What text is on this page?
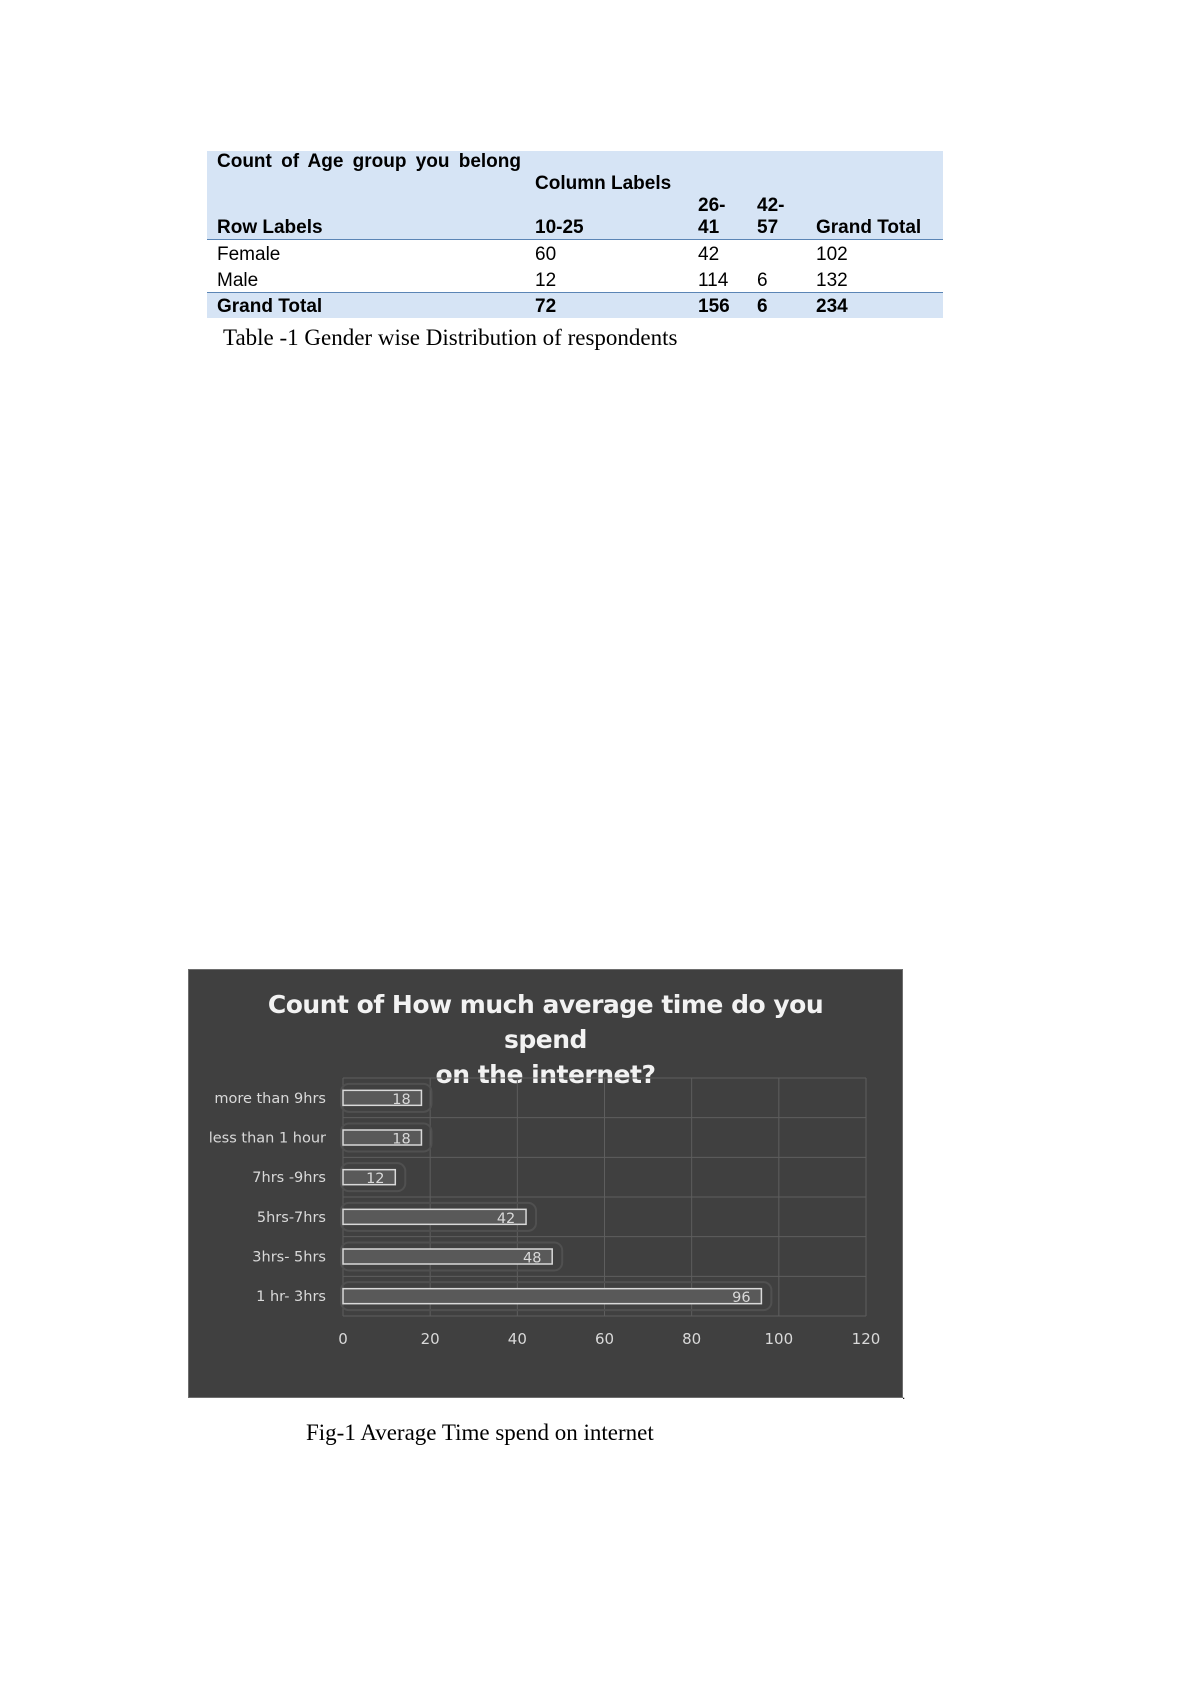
Count of Age group you belong	Column Labels			
Row Labels	10-25	26- 41	42- 57	Grand Total
Female	60	42		102
Male	12	114	6	132
Grand Total	72	156	6	234
Table -1 Gender wise Distribution of respondents
Count of How much average time do you spend
on the internet?
0	20	40	60	80	100	120
more than 9hrs	18
less than 1 hour	18
7hrs -9hrs	12
5hrs-7hrs	42
3hrs- 5hrs	48
1 hr- 3hrs	96
.
Fig-1 Average Time spend on internet
